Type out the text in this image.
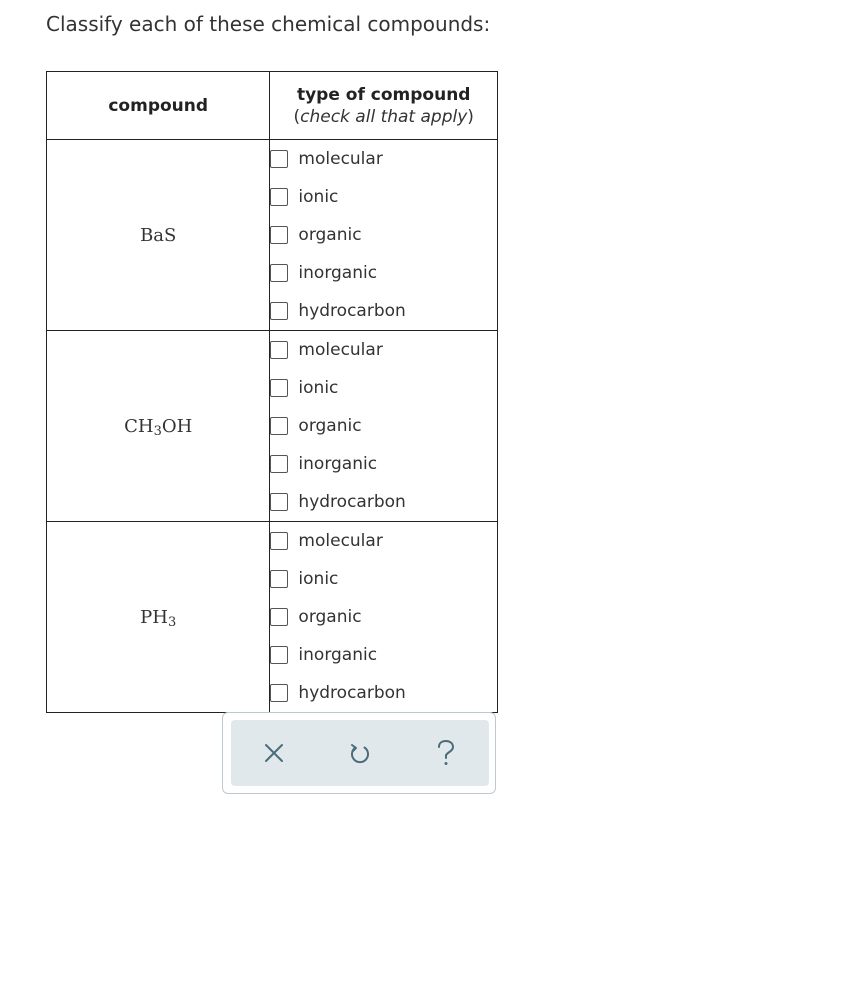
Classify each of these chemical compounds:
compound	type of compound
(check all that apply)

BaS	molecular
ionic
organic
inorganic
hydrocarbon

$CH_3OH$	molecular
ionic
organic
inorganic
hydrocarbon

$PH_3$	molecular
ionic
organic
inorganic
hydrocarbon
